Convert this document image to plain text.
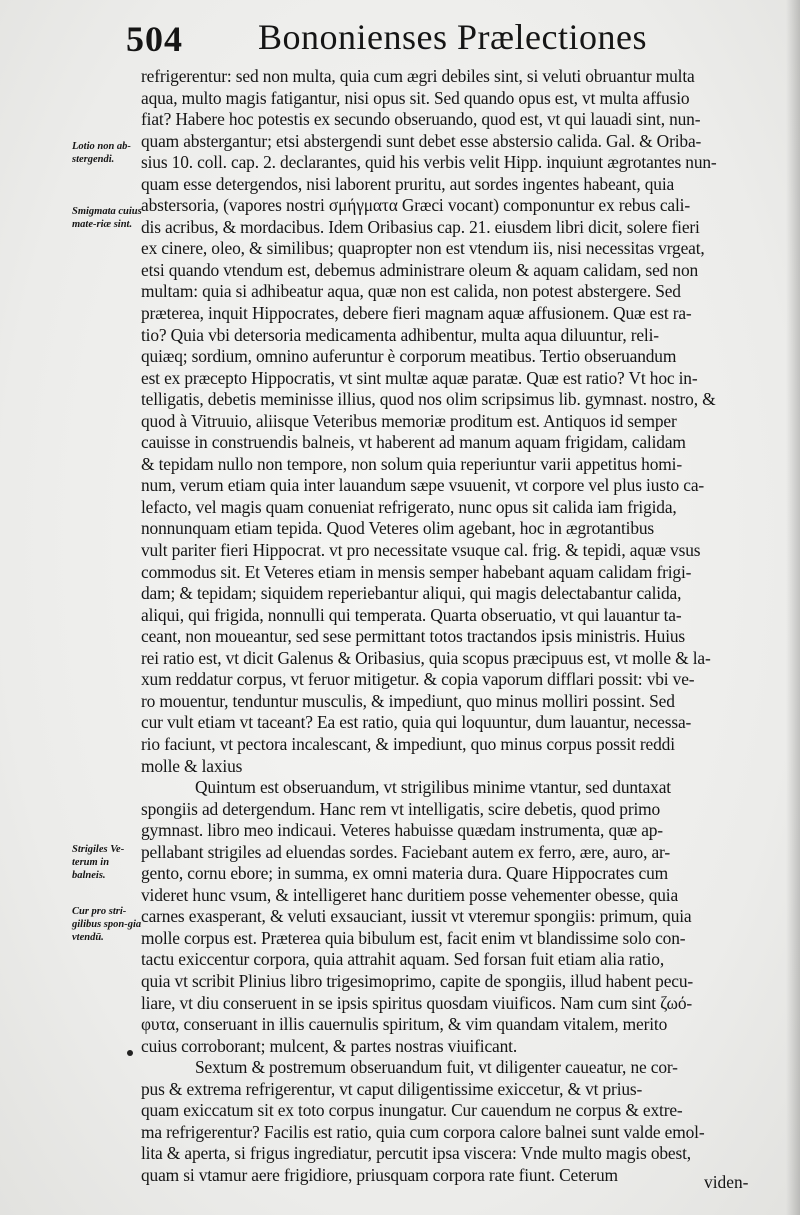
504 Bononienses Prælectiones
Lotio non ab-stergendi.
Smigmata cuius mate-riæ sint.
Strigiles Ve-terum in balneis.
Cur pro stri-gilibus spon-gia vtendū.
refrigerentur: sed non multa, quia cum ægri debiles sint, si veluti obruantur multa
aqua, multo magis fatigantur, nisi opus sit. Sed quando opus est, vt multa affusio
fiat? Habere hoc potestis ex secundo obseruando, quod est, vt qui lauadi sint, nun-
quam abstergantur; etsi abstergendi sunt debet esse abstersio calida. Gal. & Oriba-
sius 10. coll. cap. 2. declarantes, quid his verbis velit Hipp. inquiunt ægrotantes nun-
quam esse detergendos, nisi laborent pruritu, aut sordes ingentes habeant, quia
abstersoria, (vapores nostri σμήγματα Græci vocant) componuntur ex rebus cali-
dis acribus, & mordacibus. Idem Oribasius cap. 21. eiusdem libri dicit, solere fieri
ex cinere, oleo, & similibus; quapropter non est vtendum iis, nisi necessitas vrgeat,
etsi quando vtendum est, debemus administrare oleum & aquam calidam, sed non
multam: quia si adhibeatur aqua, quæ non est calida, non potest abstergere. Sed
præterea, inquit Hippocrates, debere fieri magnam aquæ affusionem. Quæ est ra-
tio? Quia vbi detersoria medicamenta adhibentur, multa aqua diluuntur, reli-
quiæq; sordium, omnino auferuntur è corporum meatibus. Tertio obseruandum
est ex præcepto Hippocratis, vt sint multæ aquæ paratæ. Quæ est ratio? Vt hoc in-
telligatis, debetis meminisse illius, quod nos olim scripsimus lib. gymnast. nostro, &
quod à Vitruuio, aliisque Veteribus memoriæ proditum est. Antiquos id semper
cauisse in construendis balneis, vt haberent ad manum aquam frigidam, calidam
& tepidam nullo non tempore, non solum quia reperiuntur varii appetitus homi-
num, verum etiam quia inter lauandum sæpe vsuuenit, vt corpore vel plus iusto ca-
lefacto, vel magis quam conueniat refrigerato, nunc opus sit calida iam frigida,
nonnunquam etiam tepida. Quod Veteres olim agebant, hoc in ægrotantibus
vult pariter fieri Hippocrat. vt pro necessitate vsuque cal. frig. & tepidi, aquæ vsus
commodus sit. Et Veteres etiam in mensis semper habebant aquam calidam frigi-
dam; & tepidam; siquidem reperiebantur aliqui, qui magis delectabantur calida,
aliqui, qui frigida, nonnulli qui temperata. Quarta obseruatio, vt qui lauantur ta-
ceant, non moueantur, sed sese permittant totos tractandos ipsis ministris. Huius
rei ratio est, vt dicit Galenus & Oribasius, quia scopus præcipuus est, vt molle & la-
xum reddatur corpus, vt feruor mitigetur. & copia vaporum difflari possit: vbi ve-
ro mouentur, tenduntur musculis, & impediunt, quo minus molliri possint. Sed
cur vult etiam vt taceant? Ea est ratio, quia qui loquuntur, dum lauantur, necessa-
rio faciunt, vt pectora incalescant, & impediunt, quo minus corpus possit reddi
molle & laxius
Quintum est obseruandum, vt strigilibus minime vtantur, sed duntaxat
spongiis ad detergendum. Hanc rem vt intelligatis, scire debetis, quod primo
gymnast. libro meo indicaui. Veteres habuisse quædam instrumenta, quæ ap-
pellabant strigiles ad eluendas sordes. Faciebant autem ex ferro, ære, auro, ar-
gento, cornu ebore; in summa, ex omni materia dura. Quare Hippocrates cum
videret hunc vsum, & intelligeret hanc duritiem posse vehementer obesse, quia
carnes exasperant, & veluti exsauciant, iussit vt vteremur spongiis: primum, quia
molle corpus est. Præterea quia bibulum est, facit enim vt blandissime solo con-
tactu exiccentur corpora, quia attrahit aquam. Sed forsan fuit etiam alia ratio,
quia vt scribit Plinius libro trigesimoprimo, capite de spongiis, illud habent pecu-
liare, vt diu conseruent in se ipsis spiritus quosdam viuificos. Nam cum sint ζωό-
φυτα, conseruant in illis cauernulis spiritum, & vim quandam vitalem, merito
cuius corroborant; mulcent, & partes nostras viuificant.
Sextum & postremum obseruandum fuit, vt diligenter caueatur, ne cor-
pus & extrema refrigerentur, vt caput diligentissime exiccetur, & vt prius-
quam exiccatum sit ex toto corpus inungatur. Cur cauendum ne corpus & extre-
ma refrigerentur? Facilis est ratio, quia cum corpora calore balnei sunt valde emol-
lita & aperta, si frigus ingrediatur, percutit ipsa viscera: Vnde multo magis obest,
quam si vtamur aere frigidiore, priusquam corpora rate fiunt. Ceterum	viden-
